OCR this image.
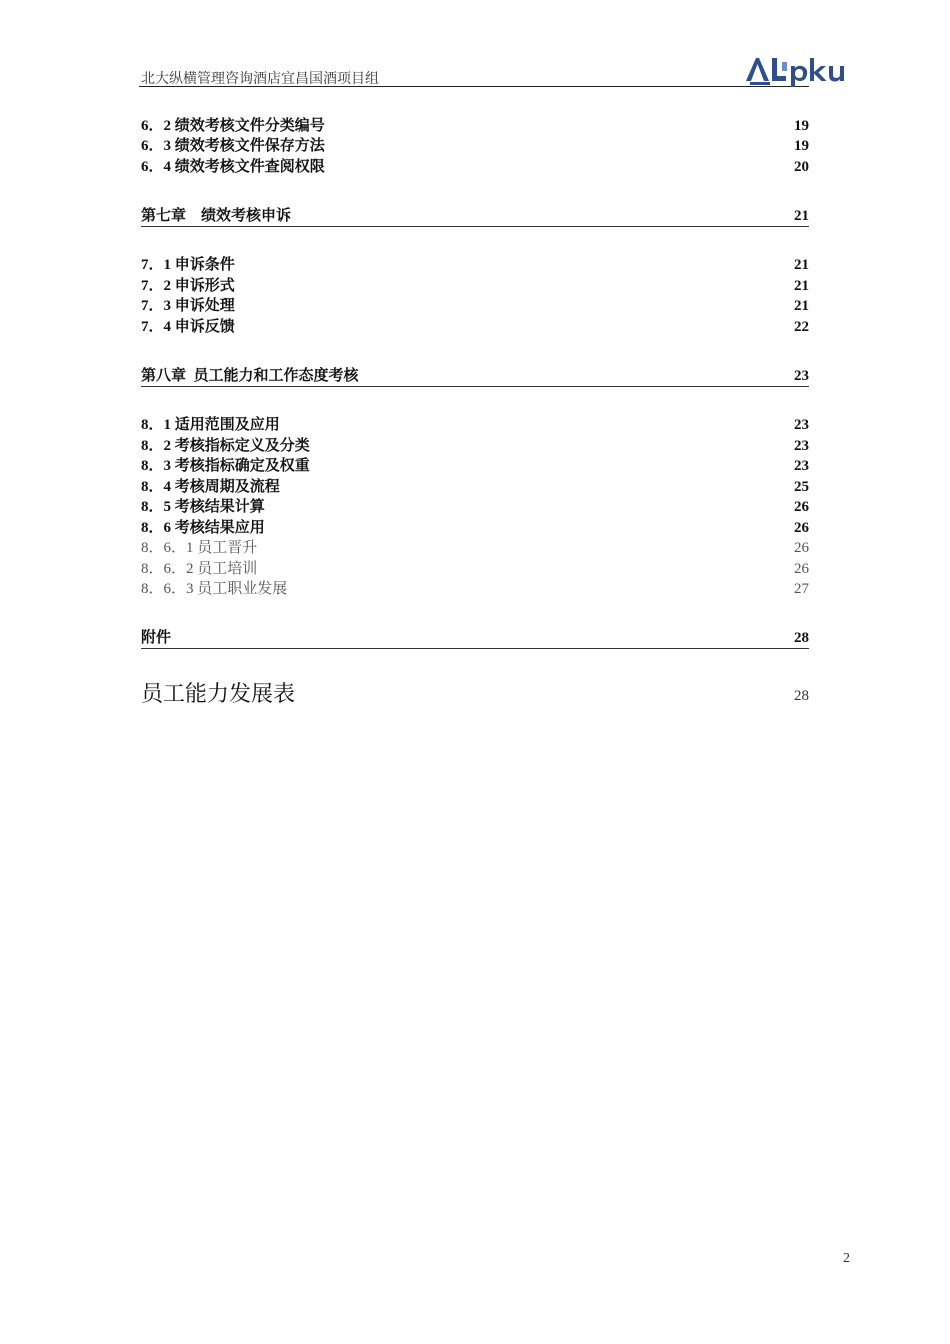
北大纵横管理咨询酒店宜昌国酒项目组
6．2 绩效考核文件分类编号	19
6．3 绩效考核文件保存方法	19
6．4 绩效考核文件查阅权限	20
第七章    绩效考核申诉	21
7．1 申诉条件	21
7．2 申诉形式	21
7．3 申诉处理	21
7．4 申诉反馈	22
第八章  员工能力和工作态度考核	23
8．1 适用范围及应用	23
8．2 考核指标定义及分类	23
8．3 考核指标确定及权重	23
8．4 考核周期及流程	25
8．5 考核结果计算	26
8．6 考核结果应用	26
8．6．1 员工晋升	26
8．6．2 员工培训	26
8．6．3 员工职业发展	27
附件	28
员工能力发展表	28
2
